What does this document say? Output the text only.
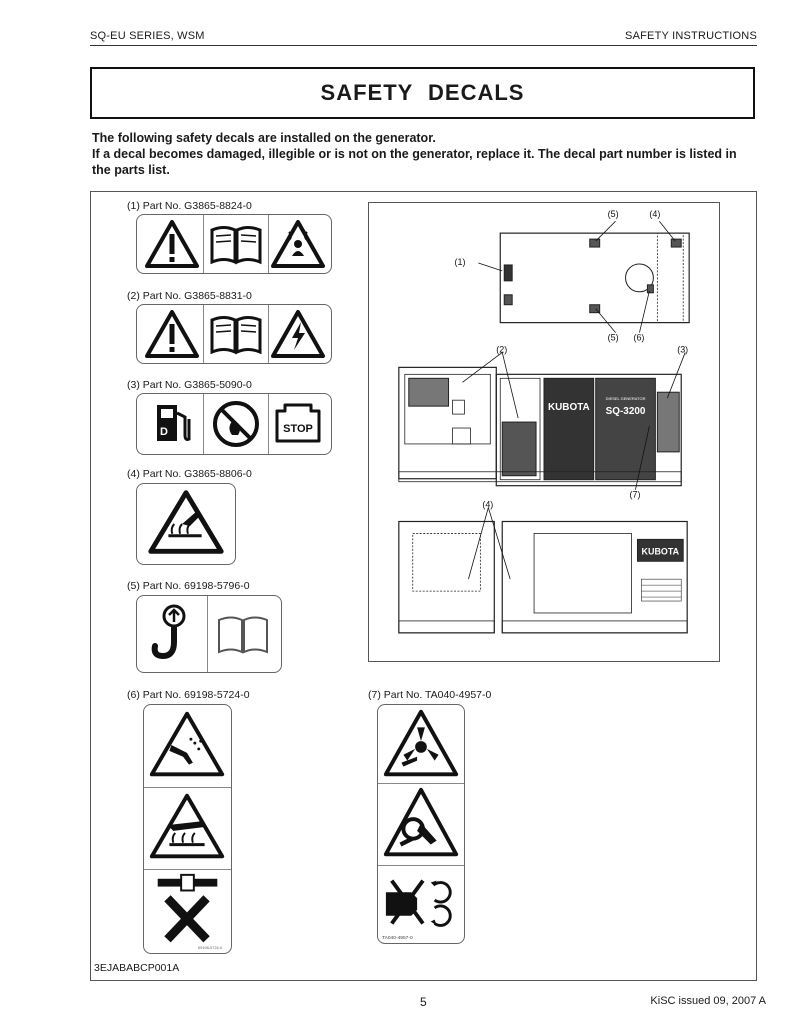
SQ-EU SERIES, WSM	SAFETY INSTRUCTIONS
SAFETY DECALS
The following safety decals are installed on the generator.
If a decal becomes damaged, illegible or is not on the generator, replace it. The decal part number is listed in the parts list.
(1) Part No. G3865-8824-0
(2) Part No. G3865-8831-0
(3) Part No. G3865-5090-0
D	STOP
(4) Part No. G3865-8806-0
(5) Part No. 69198-5796-0
(6) Part No. 69198-5724-0
69198-5724-0
(7) Part No. TA040-4957-0
TA040-4957-0
KUBOTA
DIESEL GENERATOR
SQ-3200
KUBOTA
(1)
(2)	(3)
(4)
(4)
(5)
(5) (6)
(7)
3EJABABCP001A
5	KiSC issued 09, 2007 A
